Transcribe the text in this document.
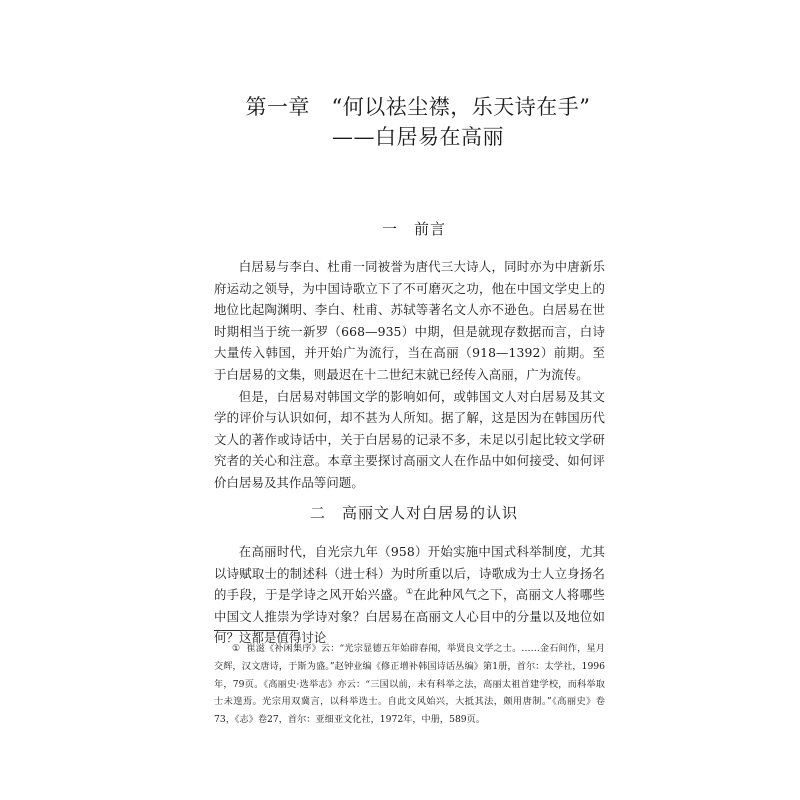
第一章　“何以祛尘襟，乐天诗在手”
——白居易在高丽
一　前言

白居易与李白、杜甫一同被誉为唐代三大诗人，同时亦为中唐新乐府运动之领导，为中国诗歌立下了不可磨灭之功，他在中国文学史上的地位比起陶渊明、李白、杜甫、苏轼等著名文人亦不逊色。白居易在世时期相当于统一新罗（668—935）中期，但是就现存数据而言，白诗大量传入韩国，并开始广为流行，当在高丽（918—1392）前期。至于白居易的文集，则最迟在十二世纪末就已经传入高丽，广为流传。

但是，白居易对韩国文学的影响如何，或韩国文人对白居易及其文学的评价与认识如何，却不甚为人所知。据了解，这是因为在韩国历代文人的著作或诗话中，关于白居易的记录不多，未足以引起比较文学研究者的关心和注意。本章主要探讨高丽文人在作品中如何接受、如何评价白居易及其作品等问题。

二　高丽文人对白居易的认识

在高丽时代，自光宗九年（958）开始实施中国式科举制度，尤其以诗赋取士的制述科（进士科）为时所重以后，诗歌成为士人立身扬名的手段，于是学诗之风开始兴盛。①在此种风气之下，高丽文人将哪些中国文人推崇为学诗对象？白居易在高丽文人心目中的分量以及地位如何？这都是值得讨论

① 崔滋《补闲集序》云：“光宗显德五年始辟春闱，举贤良文学之士。……金石间作，星月交辉，汉文唐诗，于斯为盛。”赵钟业编《修正增补韩国诗话丛编》第1册，首尔：太学社，1996年，79页。《高丽史·选举志》亦云：“三国以前，未有科举之法，高丽太祖首建学校，而科举取士未遑焉。光宗用双冀言，以科举选士。自此文风始兴，大抵其法，颇用唐制。”《高丽史》卷73，《志》卷27，首尔：亚细亚文化社，1972年，中册，589页。
